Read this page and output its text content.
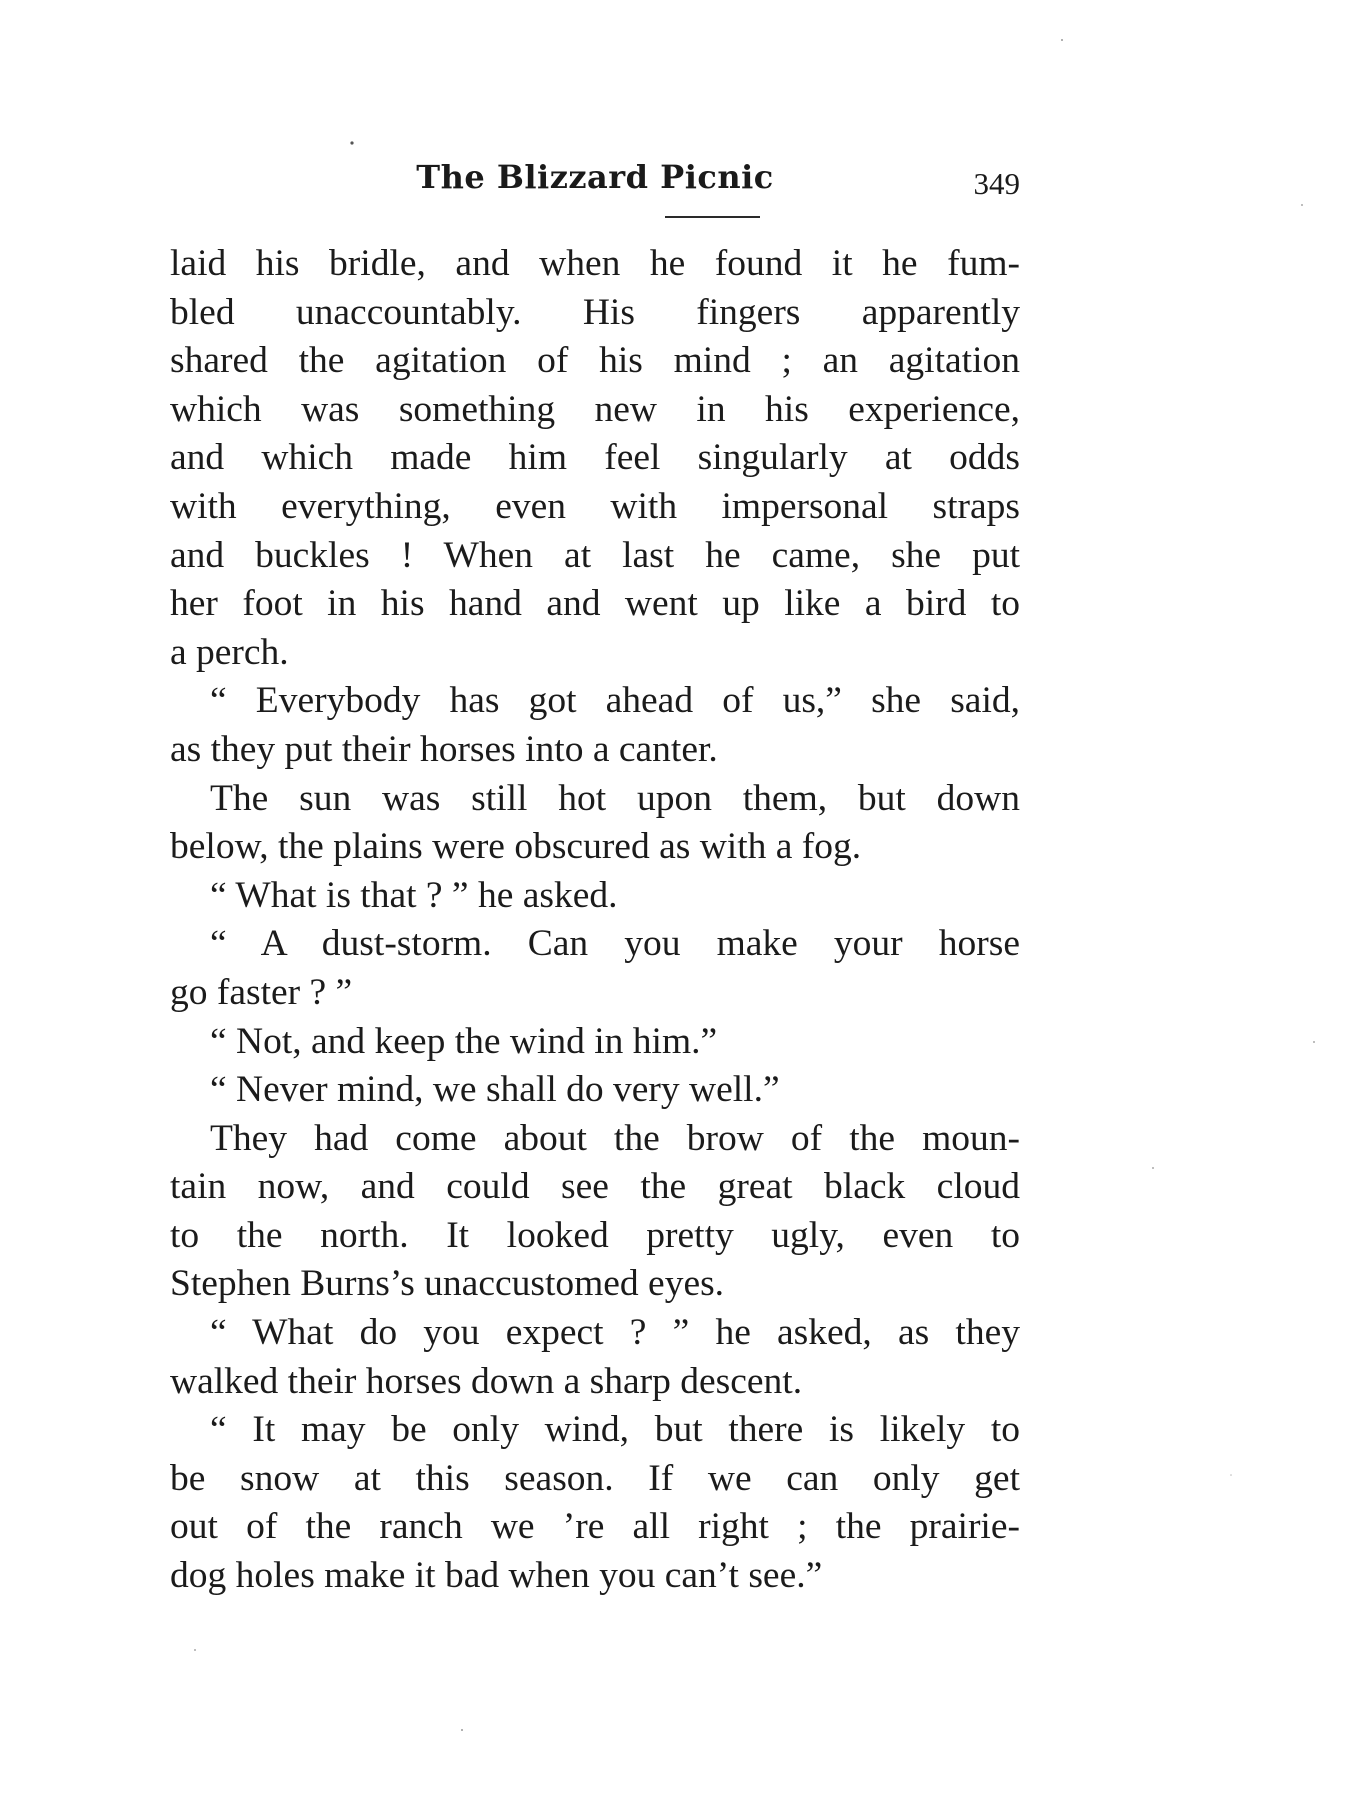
The Blizzard Picnic	349
laid his bridle, and when he found it he fum-
bled unaccountably. His fingers apparently
shared the agitation of his mind ; an agitation
which was something new in his experience,
and which made him feel singularly at odds
with everything, even with impersonal straps
and buckles ! When at last he came, she put
her foot in his hand and went up like a bird to
a perch.
“ Everybody has got ahead of us,” she said,
as they put their horses into a canter.
The sun was still hot upon them, but down
below, the plains were obscured as with a fog.
“ What is that ? ” he asked.
“ A dust-storm. Can you make your horse
go faster ? ”
“ Not, and keep the wind in him.”
“ Never mind, we shall do very well.”
They had come about the brow of the moun-
tain now, and could see the great black cloud
to the north. It looked pretty ugly, even to
Stephen Burns’s unaccustomed eyes.
“ What do you expect ? ” he asked, as they
walked their horses down a sharp descent.
“ It may be only wind, but there is likely to
be snow at this season. If we can only get
out of the ranch we ’re all right ; the prairie-
dog holes make it bad when you can’t see.”
